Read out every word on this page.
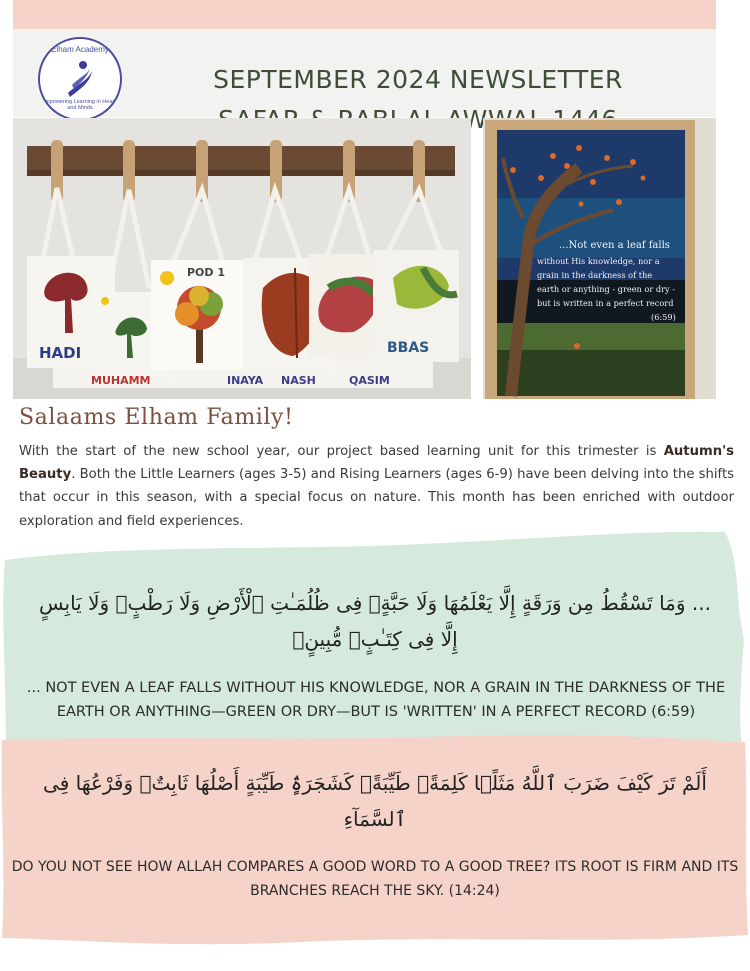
Elham Academy
Empowering Learning in Hearts and Minds
SEPTEMBER 2024 NEWSLETTER
HADI
POD 1
BBAS
MUHAMM	INAYA NASH	QASIM
...Not even a leaf falls
without His knowledge, nor a
grain in the darkness of the
earth or anything - green or dry -
but is written in a perfect record
(6:59)
Salaams Elham Family!
With the start of the new school year, our project based learning unit for this trimester is Autumn's Beauty. Both the Little Learners (ages 3-5) and Rising Learners (ages 6-9) have been delving into the shifts that occur in this season, with a special focus on nature. This month has been enriched with outdoor exploration and field experiences.
... وَمَا تَسْقُطُ مِن وَرَقَةٍ إِلَّا يَعْلَمُهَا وَلَا حَبَّةٍۢ فِى ظُلُمَـٰتِ ٱلْأَرْضِ وَلَا رَطْبٍۢ وَلَا يَابِسٍ إِلَّا فِى كِتَـٰبٍۢ مُّبِينٍۢ
... NOT EVEN A LEAF FALLS WITHOUT HIS KNOWLEDGE, NOR A GRAIN IN THE DARKNESS OF THE EARTH OR ANYTHING—GREEN OR DRY—BUT IS 'WRITTEN' IN A PERFECT RECORD (6:59)
أَلَمْ تَرَ كَيْفَ ضَرَبَ ٱللَّهُ مَثَلًۭا كَلِمَةًۭ طَيِّبَةًۭ كَشَجَرَةٍۢ طَيِّبَةٍ أَصْلُهَا ثَابِتٌۭ وَفَرْعُهَا فِى ٱلسَّمَآءِ
DO YOU NOT SEE HOW ALLAH COMPARES A GOOD WORD TO A GOOD TREE? ITS ROOT IS FIRM AND ITS BRANCHES REACH THE SKY. (14:24)
